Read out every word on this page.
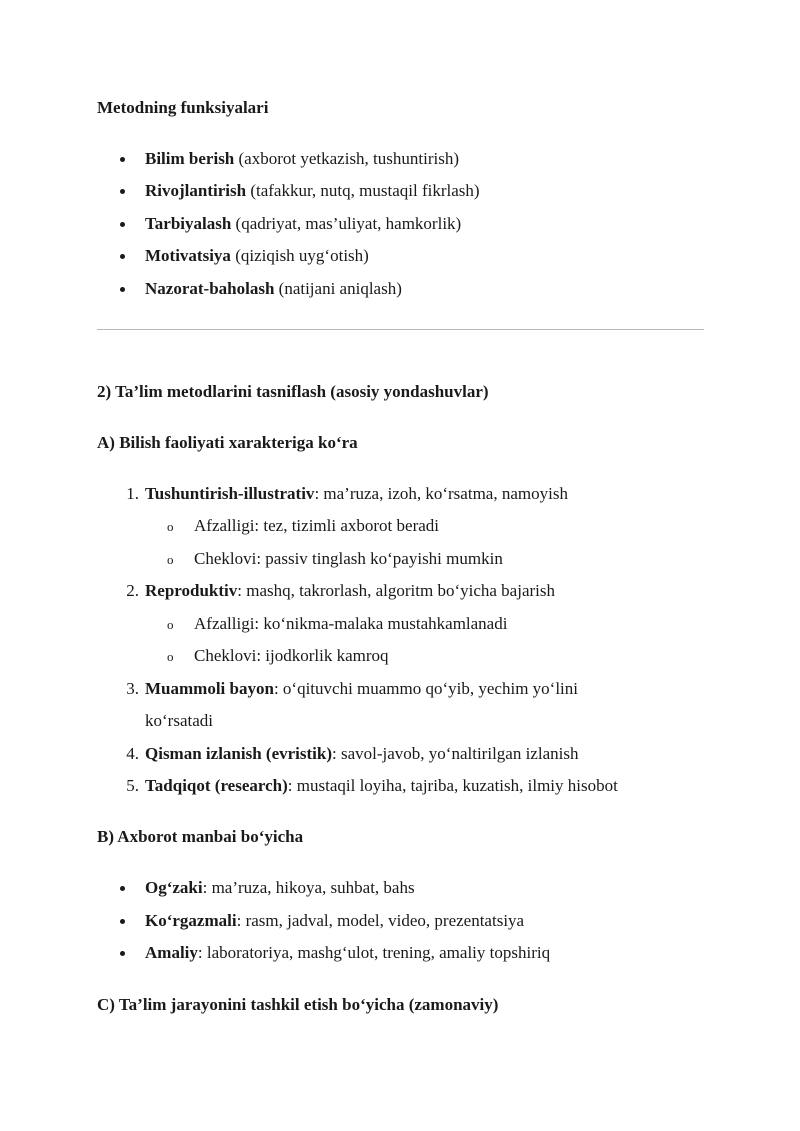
Metodning funksiyalari
Bilim berish (axborot yetkazish, tushuntirish)
Rivojlantirish (tafakkur, nutq, mustaqil fikrlash)
Tarbiyalash (qadriyat, mas’uliyat, hamkorlik)
Motivatsiya (qiziqish uyg‘otish)
Nazorat-baholash (natijani aniqlash)
2) Ta’lim metodlarini tasniflash (asosiy yondashuvlar)
A) Bilish faoliyati xarakteriga ko‘ra
1. Tushuntirish-illustrativ: ma’ruza, izoh, ko‘rsatma, namoyish
o Afzalligi: tez, tizimli axborot beradi
o Cheklovi: passiv tinglash ko‘payishi mumkin
2. Reproduktiv: mashq, takrorlash, algoritm bo‘yicha bajarish
o Afzalligi: ko‘nikma-malaka mustahkamlanadi
o Cheklovi: ijodkorlik kamroq
3. Muammoli bayon: o‘qituvchi muammo qo‘yib, yechim yo‘lini
ko‘rsatadi
4. Qisman izlanish (evristik): savol-javob, yo‘naltirilgan izlanish
5. Tadqiqot (research): mustaqil loyiha, tajriba, kuzatish, ilmiy hisobot
B) Axborot manbai bo‘yicha
Og‘zaki: ma’ruza, hikoya, suhbat, bahs
Ko‘rgazmali: rasm, jadval, model, video, prezentatsiya
Amaliy: laboratoriya, mashg‘ulot, trening, amaliy topshiriq
C) Ta’lim jarayonini tashkil etish bo‘yicha (zamonaviy)
